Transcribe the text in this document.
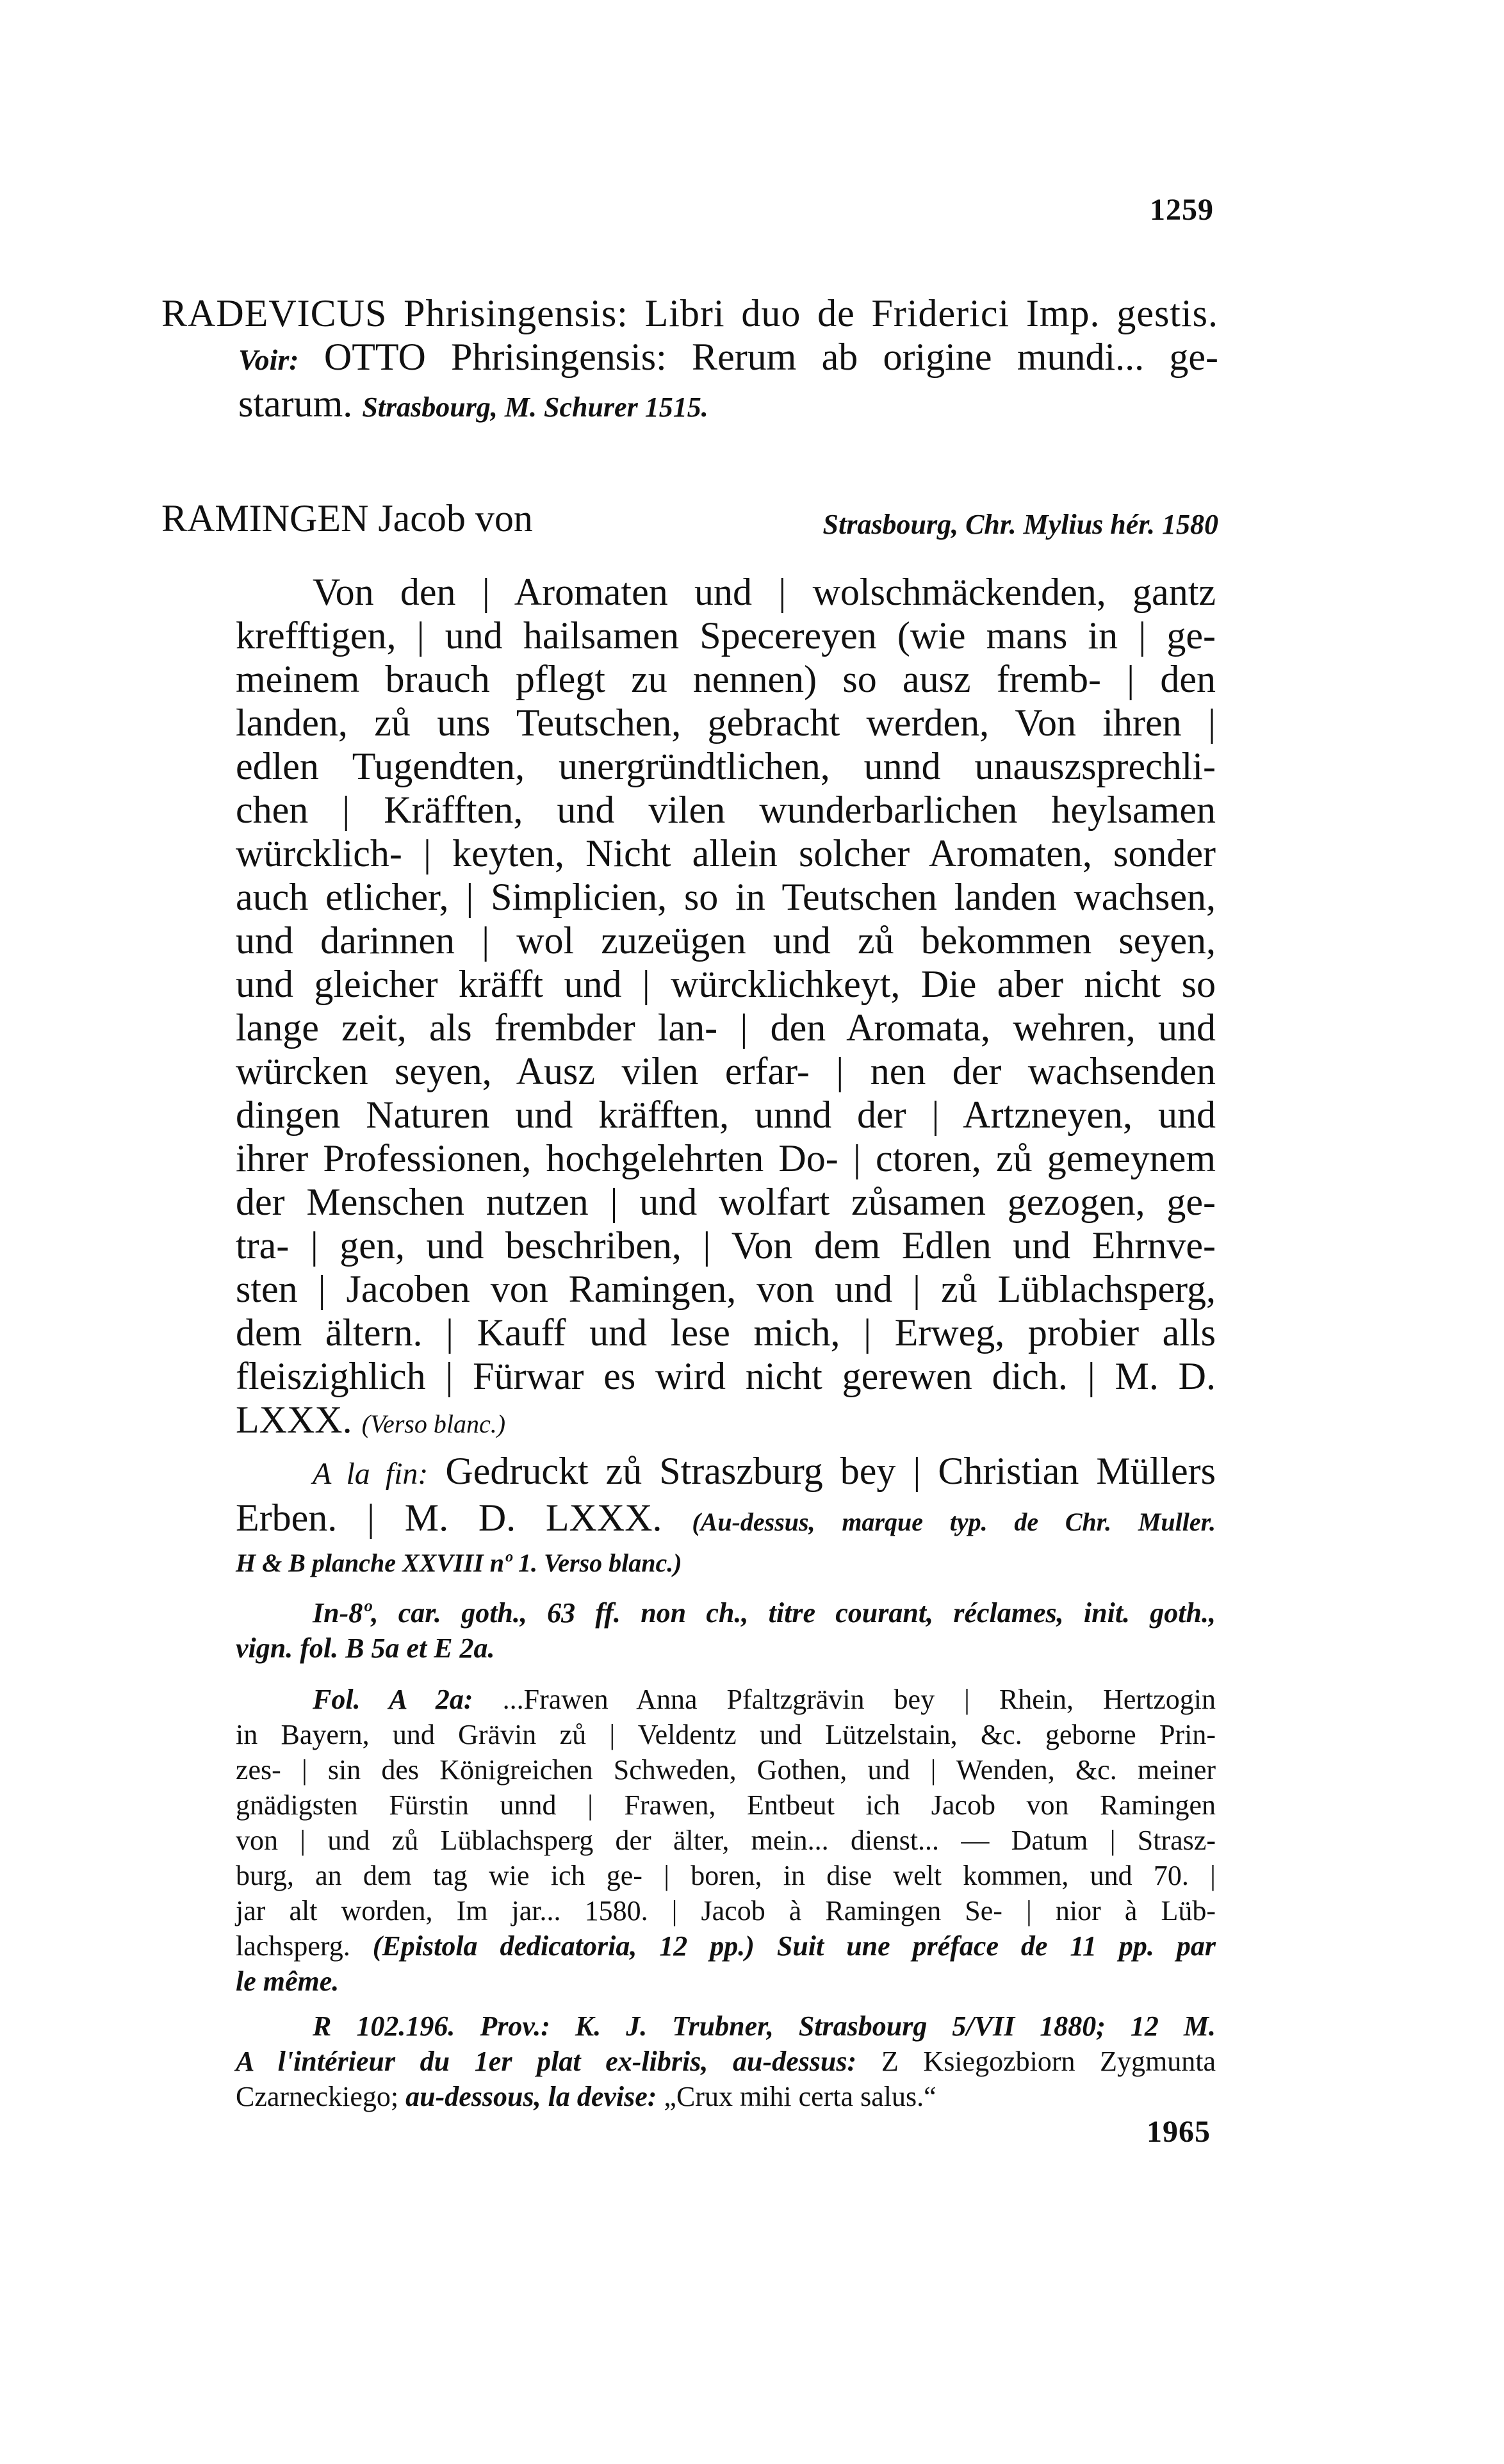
1259
RADEVICUS Phrisingensis: Libri duo de Friderici Imp. gestis.
Voir: OTTO Phrisingensis: Rerum ab origine mundi... ge-
starum. Strasbourg, M. Schurer 1515.
RAMINGEN Jacob von	Strasbourg, Chr. Mylius hér. 1580
Von den | Aromaten und | wolschmäckenden, gantz
krefftigen, | und hailsamen Specereyen (wie mans in | ge-
meinem brauch pflegt zu nennen) so ausz fremb- | den
landen, zů uns Teutschen, gebracht werden, Von ihren |
edlen Tugendten, unergründtlichen, unnd unauszsprechli-
chen | Kräfften, und vilen wunderbarlichen heylsamen
würcklich- | keyten, Nicht allein solcher Aromaten, sonder
auch etlicher, | Simplicien, so in Teutschen landen wachsen,
und darinnen | wol zuzeügen und zů bekommen seyen,
und gleicher kräfft und | würcklichkeyt, Die aber nicht so
lange zeit, als frembder lan- | den Aromata, wehren, und
würcken seyen, Ausz vilen erfar- | nen der wachsenden
dingen Naturen und kräfften, unnd der | Artzneyen, und
ihrer Professionen, hochgelehrten Do- | ctoren, zů gemeynem
der Menschen nutzen | und wolfart zůsamen gezogen, ge-
tra- | gen, und beschriben, | Von dem Edlen und Ehrnve-
sten | Jacoben von Ramingen, von und | zů Lüblachsperg,
dem ältern. | Kauff und lese mich, | Erweg, probier alls
fleiszighlich | Fürwar es wird nicht gerewen dich. | M. D.
LXXX. (Verso blanc.)
A la fin: Gedruckt zů Straszburg bey | Christian Müllers
Erben. | M. D. LXXX. (Au-dessus, marque typ. de Chr. Muller.
H & B planche XXVIII nº 1. Verso blanc.)
In-8º, car. goth., 63 ff. non ch., titre courant, réclames, init. goth.,
vign. fol. B 5a et E 2a.
Fol. A 2a: ...Frawen Anna Pfaltzgrävin bey | Rhein, Hertzogin
in Bayern, und Grävin zů | Veldentz und Lützelstain, &c. geborne Prin-
zes- | sin des Königreichen Schweden, Gothen, und | Wenden, &c. meiner
gnädigsten Fürstin unnd | Frawen, Entbeut ich Jacob von Ramingen
von | und zů Lüblachsperg der älter, mein... dienst... — Datum | Strasz-
burg, an dem tag wie ich ge- | boren, in dise welt kommen, und 70. |
jar alt worden, Im jar... 1580. | Jacob à Ramingen Se- | nior à Lüb-
lachsperg. (Epistola dedicatoria, 12 pp.) Suit une préface de 11 pp. par
le même.
R 102.196. Prov.: K. J. Trubner, Strasbourg 5/VII 1880; 12 M.
A l'intérieur du 1er plat ex-libris, au-dessus: Z Ksiegozbiorn Zygmunta
Czarneckiego; au-dessous, la devise: „Crux mihi certa salus.“
1965
